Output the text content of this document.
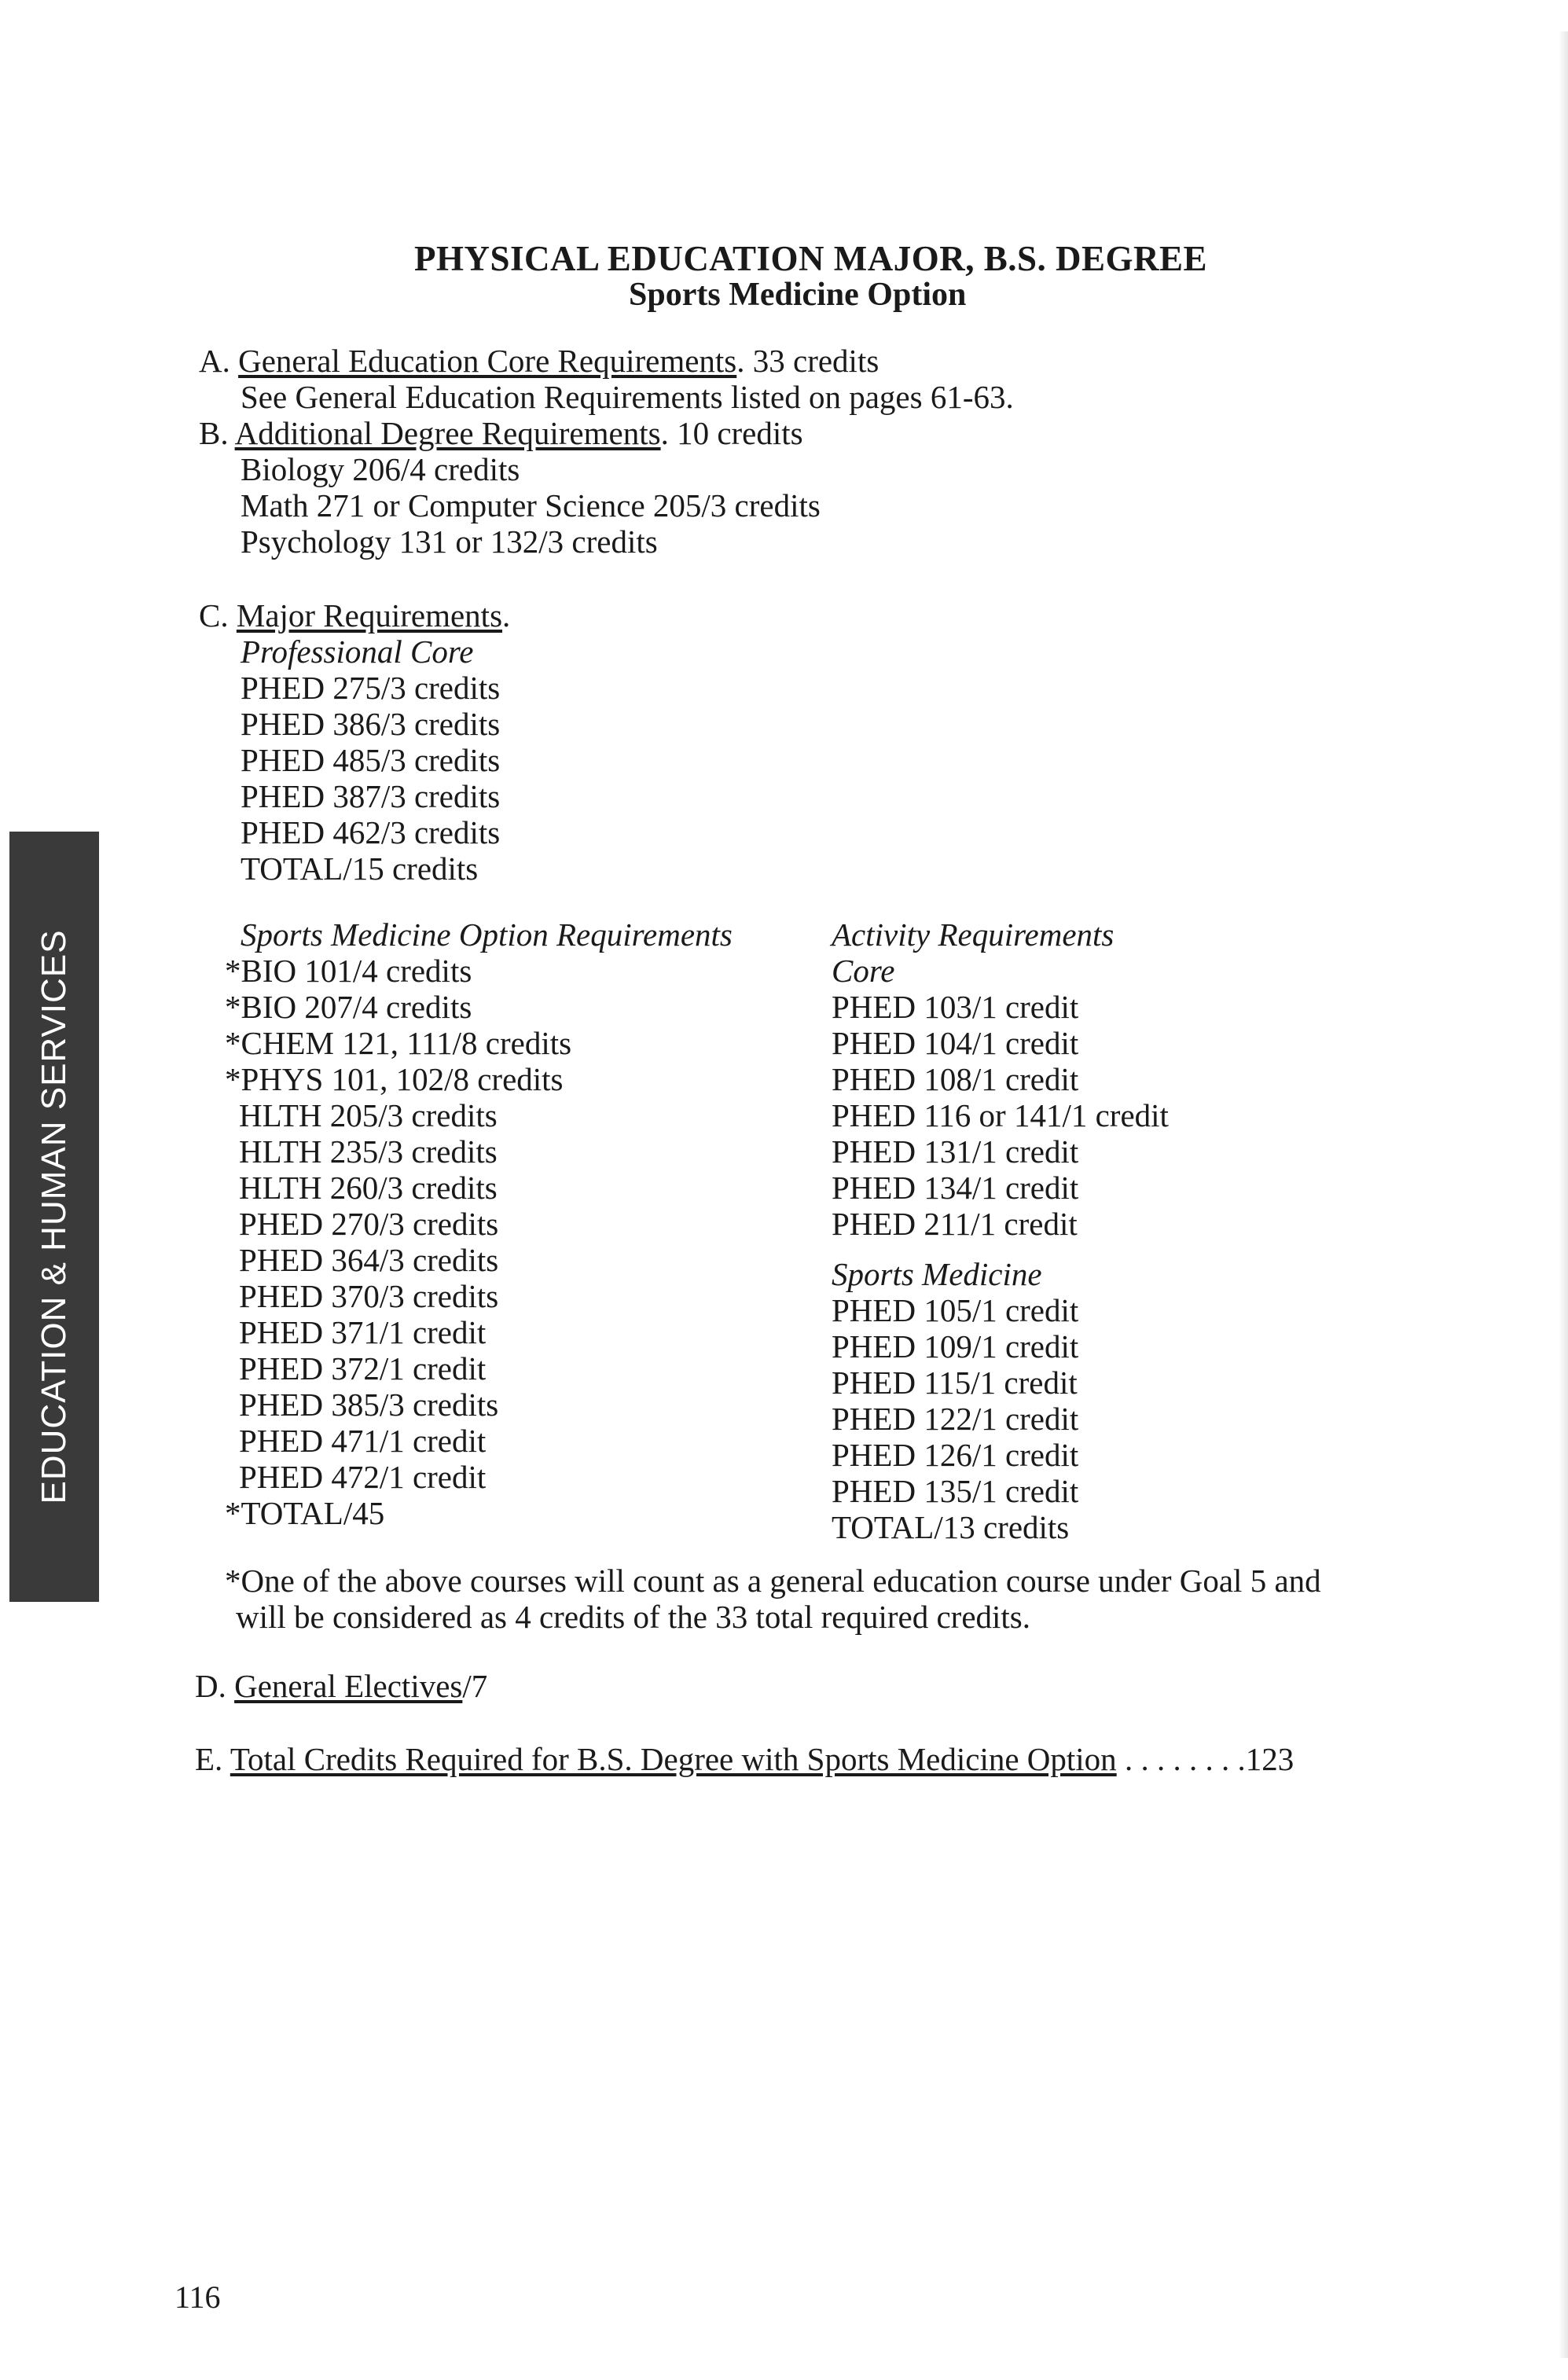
EDUCATION & HUMAN SERVICES
PHYSICAL EDUCATION MAJOR, B.S. DEGREE
Sports Medicine Option
A. General Education Core Requirements. 33 credits
See General Education Requirements listed on pages 61-63.
B. Additional Degree Requirements. 10 credits
Biology 206/4 credits
Math 271 or Computer Science 205/3 credits
Psychology 131 or 132/3 credits
C. Major Requirements.
Professional Core
PHED 275/3 credits
PHED 386/3 credits
PHED 485/3 credits
PHED 387/3 credits
PHED 462/3 credits
TOTAL/15 credits
Sports Medicine Option Requirements
*BIO 101/4 credits
*BIO 207/4 credits
*CHEM 121, 111/8 credits
*PHYS 101, 102/8 credits
HLTH 205/3 credits
HLTH 235/3 credits
HLTH 260/3 credits
PHED 270/3 credits
PHED 364/3 credits
PHED 370/3 credits
PHED 371/1 credit
PHED 372/1 credit
PHED 385/3 credits
PHED 471/1 credit
PHED 472/1 credit
*TOTAL/45
Activity Requirements
Core
PHED 103/1 credit
PHED 104/1 credit
PHED 108/1 credit
PHED 116 or 141/1 credit
PHED 131/1 credit
PHED 134/1 credit
PHED 211/1 credit
Sports Medicine
PHED 105/1 credit
PHED 109/1 credit
PHED 115/1 credit
PHED 122/1 credit
PHED 126/1 credit
PHED 135/1 credit
TOTAL/13 credits
*One of the above courses will count as a general education course under Goal 5 and
will be considered as 4 credits of the 33 total required credits.
D. General Electives/7
E. Total Credits Required for B.S. Degree with Sports Medicine Option . . . . . . . .123
116
